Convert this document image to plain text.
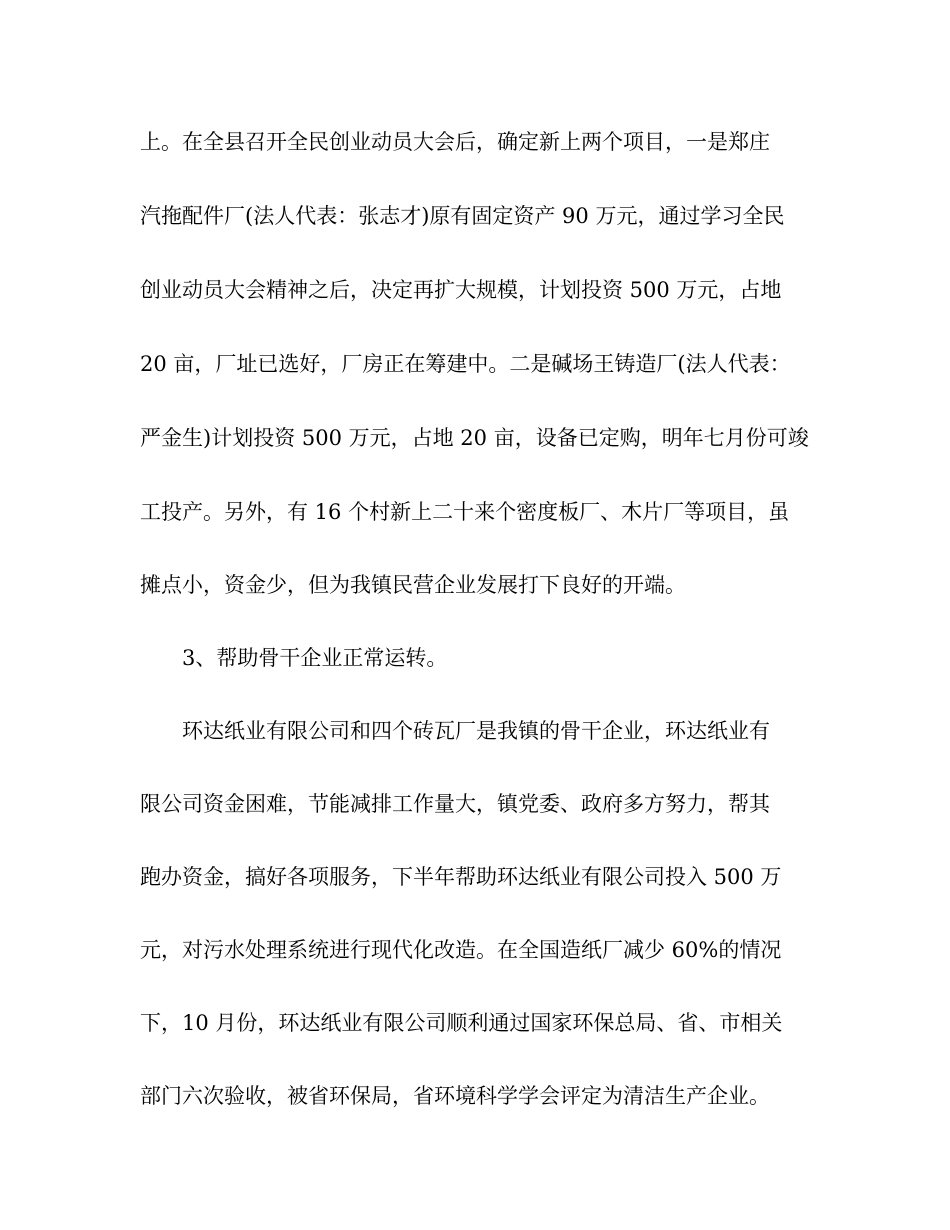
上。在全县召开全民创业动员大会后，确定新上两个项目，一是郑庄
汽拖配件厂(法人代表：张志才)原有固定资产 90 万元，通过学习全民
创业动员大会精神之后，决定再扩大规模，计划投资 500 万元，占地
20 亩，厂址已选好，厂房正在筹建中。二是碱场王铸造厂(法人代表：
严金生)计划投资 500 万元，占地 20 亩，设备已定购，明年七月份可竣
工投产。另外，有 16 个村新上二十来个密度板厂、木片厂等项目，虽
摊点小，资金少，但为我镇民营企业发展打下良好的开端。
3、帮助骨干企业正常运转。
环达纸业有限公司和四个砖瓦厂是我镇的骨干企业，环达纸业有
限公司资金困难，节能减排工作量大，镇党委、政府多方努力，帮其
跑办资金，搞好各项服务，下半年帮助环达纸业有限公司投入 500 万
元，对污水处理系统进行现代化改造。在全国造纸厂减少 60%的情况
下，10 月份，环达纸业有限公司顺利通过国家环保总局、省、市相关
部门六次验收，被省环保局，省环境科学学会评定为清洁生产企业。
